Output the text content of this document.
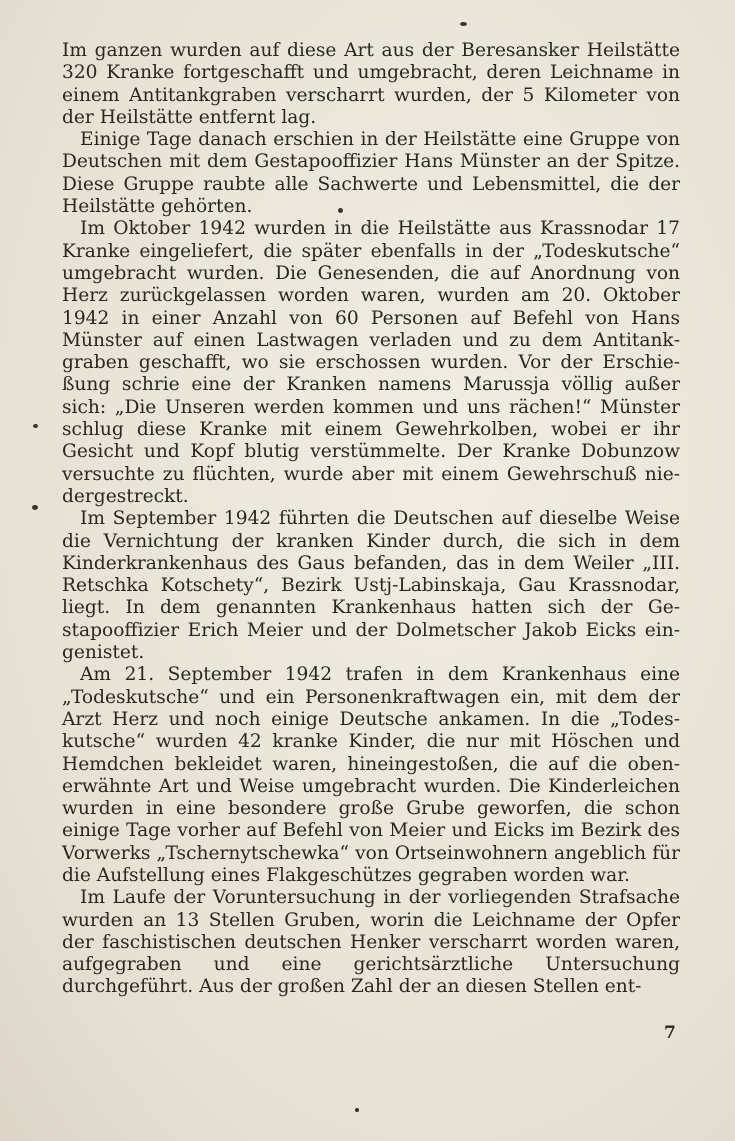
Im ganzen wurden auf diese Art aus der Beresansker Heilstätte 320 Kranke fortgeschafft und umgebracht, deren Leichname in einem Antitankgraben verscharrt wurden, der 5 Kilometer von der Heilstätte entfernt lag.

Einige Tage danach erschien in der Heilstätte eine Gruppe von Deutschen mit dem Gestapooffizier Hans Münster an der Spitze. Diese Gruppe raubte alle Sachwerte und Lebensmittel, die der Heilstätte gehörten.

Im Oktober 1942 wurden in die Heilstätte aus Krassnodar 17 Kranke eingeliefert, die später ebenfalls in der „Todeskutsche“ umgebracht wurden. Die Genesenden, die auf Anordnung von Herz zurückgelassen worden waren, wurden am 20. Oktober 1942 in einer Anzahl von 60 Personen auf Befehl von Hans Münster auf einen Lastwagen verladen und zu dem Antitankgraben geschafft, wo sie erschossen wurden. Vor der Erschießung schrie eine der Kranken namens Marussja völlig außer sich: „Die Unseren werden kommen und uns rächen!“ Münster schlug diese Kranke mit einem Gewehrkolben, wobei er ihr Gesicht und Kopf blutig verstümmelte. Der Kranke Dobunzow versuchte zu flüchten, wurde aber mit einem Gewehrschuß niedergestreckt.

Im September 1942 führten die Deutschen auf dieselbe Weise die Vernichtung der kranken Kinder durch, die sich in dem Kinderkrankenhaus des Gaus befanden, das in dem Weiler „III. Retschka Kotschety“, Bezirk Ustj-Labinskaja, Gau Krassnodar, liegt. In dem genannten Krankenhaus hatten sich der Gestapooffizier Erich Meier und der Dolmetscher Jakob Eicks eingenistet.

Am 21. September 1942 trafen in dem Krankenhaus eine „Todeskutsche“ und ein Personenkraftwagen ein, mit dem der Arzt Herz und noch einige Deutsche ankamen. In die „Todeskutsche“ wurden 42 kranke Kinder, die nur mit Höschen und Hemdchen bekleidet waren, hineingestoßen, die auf die obenerwähnte Art und Weise umgebracht wurden. Die Kinderleichen wurden in eine besondere große Grube geworfen, die schon einige Tage vorher auf Befehl von Meier und Eicks im Bezirk des Vorwerks „Tschernytschewka“ von Ortseinwohnern angeblich für die Aufstellung eines Flakgeschützes gegraben worden war.

Im Laufe der Voruntersuchung in der vorliegenden Strafsache wurden an 13 Stellen Gruben, worin die Leichname der Opfer der faschistischen deutschen Henker verscharrt worden waren, aufgegraben und eine gerichtsärztliche Untersuchung durchgeführt. Aus der großen Zahl der an diesen Stellen ent-

7
